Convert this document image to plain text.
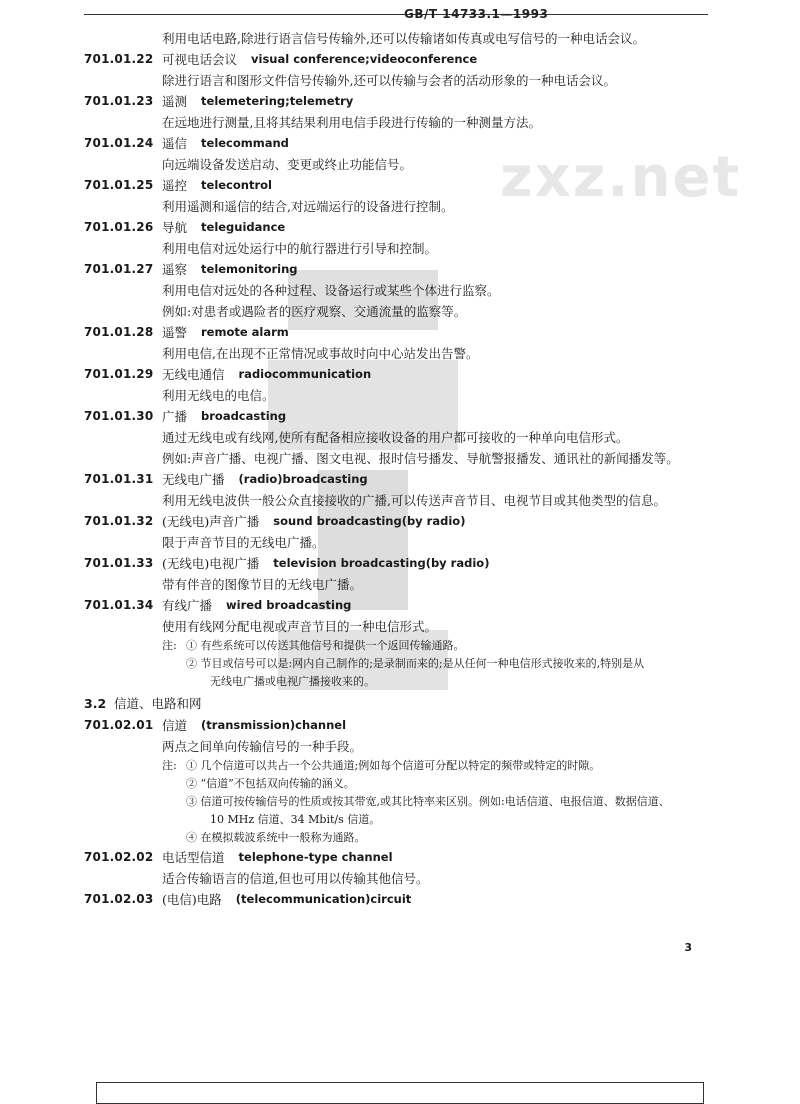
GB/T 14733.1—1993
zxz.net
利用电话电路,除进行语言信号传输外,还可以传输诸如传真或电写信号的一种电话会议。
701.01.22 可视电话会议 visual conference;videoconference
除进行语言和图形文件信号传输外,还可以传输与会者的活动形象的一种电话会议。
701.01.23 遥测 telemetering;telemetry
在远地进行测量,且将其结果利用电信手段进行传输的一种测量方法。
701.01.24 遥信 telecommand
向远端设备发送启动、变更或终止功能信号。
701.01.25 遥控 telecontrol
利用遥测和遥信的结合,对远端运行的设备进行控制。
701.01.26 导航 teleguidance
利用电信对远处运行中的航行器进行引导和控制。
701.01.27 遥察 telemonitoring
利用电信对远处的各种过程、设备运行或某些个体进行监察。
例如:对患者或遇险者的医疗观察、交通流量的监察等。
701.01.28 遥警 remote alarm
利用电信,在出现不正常情况或事故时向中心站发出告警。
701.01.29 无线电通信 radiocommunication
利用无线电的电信。
701.01.30 广播 broadcasting
通过无线电或有线网,使所有配备相应接收设备的用户都可接收的一种单向电信形式。
例如:声音广播、电视广播、图文电视、报时信号播发、导航警报播发、通讯社的新闻播发等。
701.01.31 无线电广播 (radio)broadcasting
利用无线电波供一般公众直接接收的广播,可以传送声音节目、电视节目或其他类型的信息。
701.01.32 (无线电)声音广播 sound broadcasting(by radio)
限于声音节目的无线电广播。
701.01.33 (无线电)电视广播 television broadcasting(by radio)
带有伴音的图像节目的无线电广播。
701.01.34 有线广播 wired broadcasting
使用有线网分配电视或声音节目的一种电信形式。
注: ① 有些系统可以传送其他信号和提供一个返回传输通路。
② 节目或信号可以是:网内自己制作的;是录制而来的;是从任何一种电信形式接收来的,特别是从
无线电广播或电视广播接收来的。
3.2 信道、电路和网
701.02.01 信道 (transmission)channel
两点之间单向传输信号的一种手段。
注: ① 几个信道可以共占一个公共通道;例如每个信道可分配以特定的频带或特定的时隙。
② “信道”不包括双向传输的涵义。
③ 信道可按传输信号的性质或按其带宽,或其比特率来区别。例如:电话信道、电报信道、数据信道、
10 MHz 信道、34 Mbit/s 信道。
④ 在模拟载波系统中一般称为通路。
701.02.02 电话型信道 telephone-type channel
适合传输语言的信道,但也可用以传输其他信号。
701.02.03 (电信)电路 (telecommunication)circuit
3
